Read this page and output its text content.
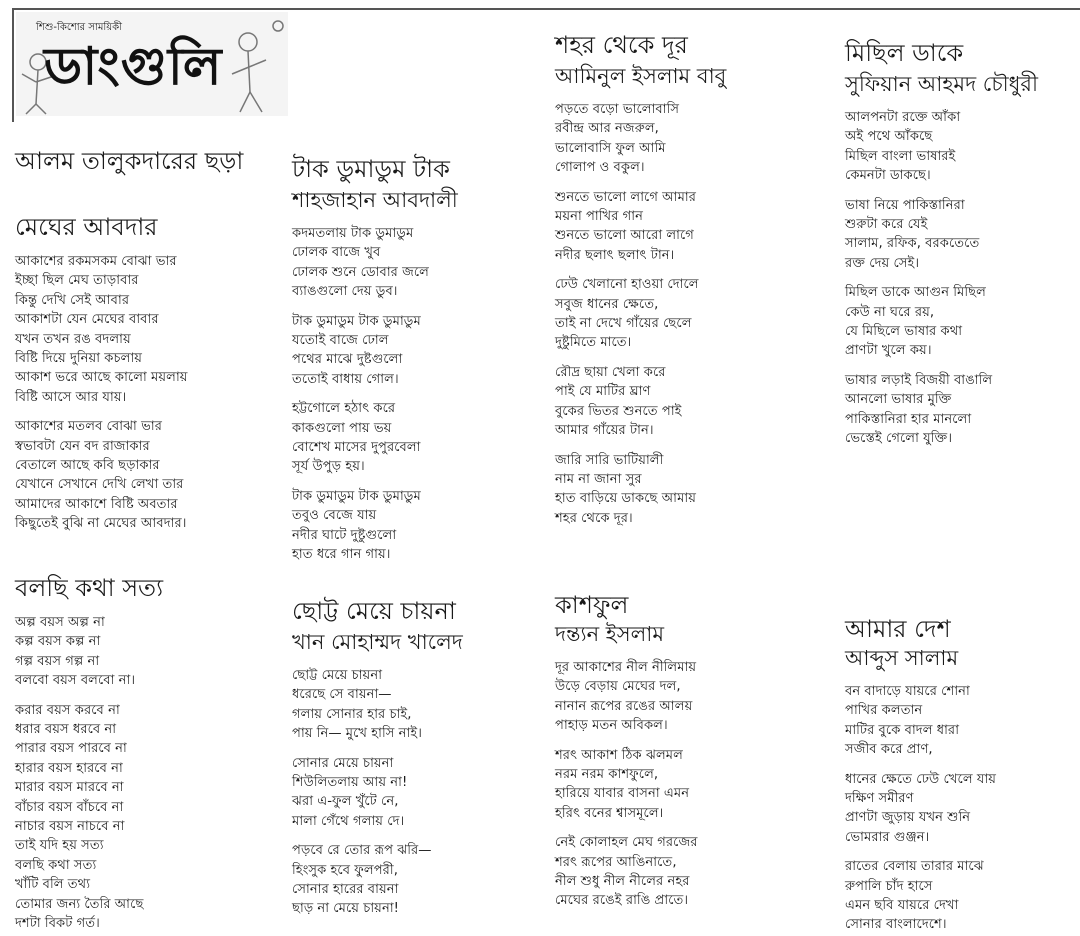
শিশু-কিশোর সাময়িকী
ডাংগুলি
আলম তালুকদারের ছড়া
মেঘের আবদার
আকাশের রকমসকম বোঝা ভার
ইচ্ছা ছিল মেঘ তাড়াবার
কিন্তু দেখি সেই আবার
আকাশটা যেন মেঘের বাবার
যখন তখন রঙ বদলায়
বিষ্টি দিয়ে দুনিয়া কচলায়
আকাশ ভরে আছে কালো ময়লায়
বিষ্টি আসে আর যায়।
আকাশের মতলব বোঝা ভার
স্বভাবটা যেন বদ রাজাকার
বেতালে আছে কবি ছড়াকার
যেখানে সেখানে দেখি লেখা তার
আমাদের আকাশে বিষ্টি অবতার
কিছুতেই বুঝি না মেঘের আবদার।
বলছি কথা সত্য
অল্প বয়স অল্প না
কল্প বয়স কল্প না
গল্প বয়স গল্প না
বলবো বয়স বলবো না।
করার বয়স করবে না
ধরার বয়স ধরবে না
পারার বয়স পারবে না
হারার বয়স হারবে না
মারার বয়স মারবে না
বাঁচার বয়স বাঁচবে না
নাচার বয়স নাচবে না
তাই যদি হয় সত্য
বলছি কথা সত্য
খাঁটি বলি তথ্য
তোমার জন্য তৈরি আছে
দশটা বিকট গর্ত।
টাক ডুমাডুম টাক
শাহজাহান আবদালী
কদমতলায় টাক ডুমাডুম
ঢোলক বাজে খুব
ঢোলক শুনে ডোবার জলে
ব্যাঙগুলো দেয় ডুব।
টাক ডুমাডুম টাক ডুমাডুম
যতোই বাজে ঢোল
পথের মাঝে দুষ্টগুলো
ততোই বাধায় গোল।
হট্টগোলে হঠাৎ করে
কাকগুলো পায় ভয়
বোশেখ মাসের দুপুরবেলা
সূর্য উপুড় হয়।
টাক ডুমাডুম টাক ডুমাডুম
তবুও বেজে যায়
নদীর ঘাটে দুষ্টুগুলো
হাত ধরে গান গায়।
ছোট্ট মেয়ে চায়না
খান মোহাম্মদ খালেদ
ছোট্ট মেয়ে চায়না
ধরেছে সে বায়না—
গলায় সোনার হার চাই,
পায় নি— মুখে হাসি নাই।
সোনার মেয়ে চায়না
শিউলিতলায় আয় না!
ঝরা এ-ফুল খুঁটে নে,
মালা গেঁথে গলায় দে।
পড়বে রে তোর রূপ ঝরি—
হিংসুক হবে ফুলপরী,
সোনার হারের বায়না
ছাড় না মেয়ে চায়না!
শহর থেকে দূর
আমিনুল ইসলাম বাবু
পড়তে বড়ো ভালোবাসি
রবীন্দ্র আর নজরুল,
ভালোবাসি ফুল আমি
গোলাপ ও বকুল।
শুনতে ভালো লাগে আমার
ময়না পাখির গান
শুনতে ভালো আরো লাগে
নদীর ছলাৎ ছলাৎ টান।
ঢেউ খেলানো হাওয়া দোলে
সবুজ ধানের ক্ষেতে,
তাই না দেখে গাঁয়ের ছেলে
দুষ্টুমিতে মাতে।
রৌদ্র ছায়া খেলা করে
পাই যে মাটির ঘ্রাণ
বুকের ভিতর শুনতে পাই
আমার গাঁয়ের টান।
জারি সারি ভাটিয়ালী
নাম না জানা সুর
হাত বাড়িয়ে ডাকছে আমায়
শহর থেকে দূর।
কাশফুল
দন্ত্যন ইসলাম
দূর আকাশের নীল নীলিমায়
উড়ে বেড়ায় মেঘের দল,
নানান রূপের রঙের আলয়
পাহাড় মতন অবিকল।
শরৎ আকাশ ঠিক ঝলমল
নরম নরম কাশফুলে,
হারিয়ে যাবার বাসনা এমন
হরিৎ বনের শ্বাসমূলে।
নেই কোলাহল মেঘ গরজের
শরৎ রূপের আঙিনাতে,
নীল শুধু নীল নীলের নহর
মেঘের রঙেই রাঙি প্রাতে।
মিছিল ডাকে
সুফিয়ান আহমদ চৌধুরী
আলপনটা রক্তে আঁকা
অই পথে আঁকছে
মিছিল বাংলা ভাষারই
কেমনটা ডাকছে।
ভাষা নিয়ে পাকিস্তানিরা
শুরুটা করে যেই
সালাম, রফিক, বরকতেতে
রক্ত দেয় সেই।
মিছিল ডাকে আগুন মিছিল
কেউ না ঘরে রয়,
যে মিছিলে ভাষার কথা
প্রাণটা খুলে কয়।
ভাষার লড়াই বিজয়ী বাঙালি
আনলো ভাষার মুক্তি
পাকিস্তানিরা হার মানলো
ভেস্তেই গেলো যুক্তি।
আমার দেশ
আব্দুস সালাম
বন বাদাড়ে যায়রে শোনা
পাখির কলতান
মাটির বুকে বাদল ধারা
সজীব করে প্রাণ,
ধানের ক্ষেতে ঢেউ খেলে যায়
দক্ষিণ সমীরণ
প্রাণটা জুড়ায় যখন শুনি
ভোমরার গুঞ্জন।
রাতের বেলায় তারার মাঝে
রুপালি চাঁদ হাসে
এমন ছবি যায়রে দেখা
সোনার বাংলাদেশে।
